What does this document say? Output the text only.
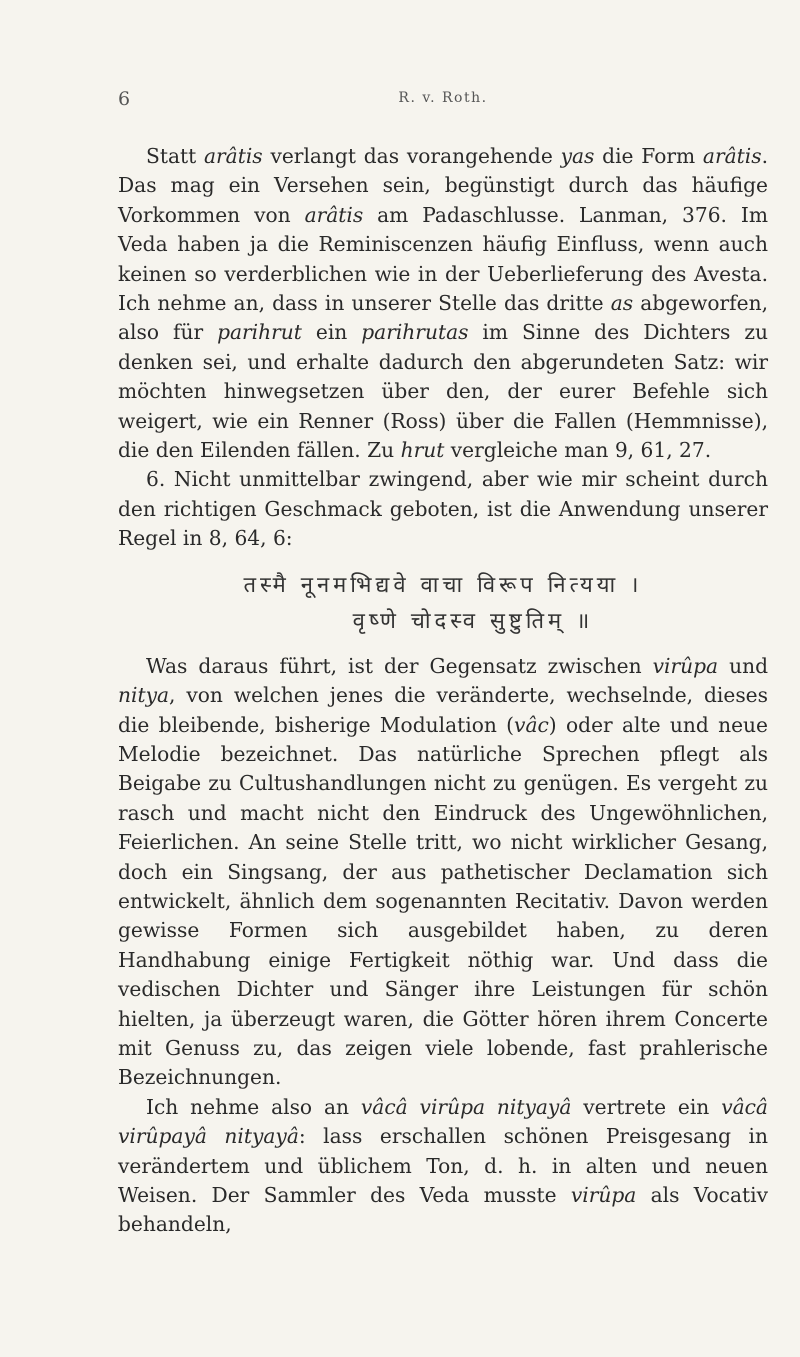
6	R. v. Roth.

Statt arâtis verlangt das vorangehende yas die Form arâtis. Das mag ein Versehen sein, begünstigt durch das häufige Vorkommen von arâtis am Padaschlusse. Lanman, 376. Im Veda haben ja die Reminiscenzen häufig Einfluss, wenn auch keinen so verderblichen wie in der Ueberlieferung des Avesta. Ich nehme an, dass in unserer Stelle das dritte as abgeworfen, also für parihrut ein parihrutas im Sinne des Dichters zu denken sei, und erhalte dadurch den abgerundeten Satz: wir möchten hinwegsetzen über den, der eurer Befehle sich weigert, wie ein Renner (Ross) über die Fallen (Hemmnisse), die den Eilenden fällen. Zu hrut vergleiche man 9, 61, 27.

6. Nicht unmittelbar zwingend, aber wie mir scheint durch den richtigen Geschmack geboten, ist die Anwendung unserer Regel in 8, 64, 6:

तस्मै नूनमभिद्यवे वाचा विरूप नित्यया ।
वृष्णे चोदस्व सुष्टुतिम् ॥

Was daraus führt, ist der Gegensatz zwischen virûpa und nitya, von welchen jenes die veränderte, wechselnde, dieses die bleibende, bisherige Modulation (vâc) oder alte und neue Melodie bezeichnet. Das natürliche Sprechen pflegt als Beigabe zu Cultushandlungen nicht zu genügen. Es vergeht zu rasch und macht nicht den Eindruck des Ungewöhnlichen, Feierlichen. An seine Stelle tritt, wo nicht wirklicher Gesang, doch ein Singsang, der aus pathetischer Declamation sich entwickelt, ähnlich dem sogenannten Recitativ. Davon werden gewisse Formen sich ausgebildet haben, zu deren Handhabung einige Fertigkeit nöthig war. Und dass die vedischen Dichter und Sänger ihre Leistungen für schön hielten, ja überzeugt waren, die Götter hören ihrem Concerte mit Genuss zu, das zeigen viele lobende, fast prahlerische Bezeichnungen.

Ich nehme also an vâcâ virûpa nityayâ vertrete ein vâcâ virûpayâ nityayâ: lass erschallen schönen Preisgesang in verändertem und üblichem Ton, d. h. in alten und neuen Weisen. Der Sammler des Veda musste virûpa als Vocativ behandeln,
